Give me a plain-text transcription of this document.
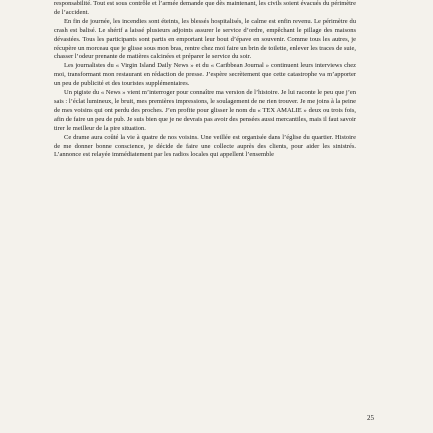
responsabilité. Tout est sous contrôle et l’armée demande que dès maintenant, les civils soient évacués du périmètre de l’accident.

En fin de journée, les incendies sont éteints, les blessés hospitalisés, le calme est enfin revenu. Le périmètre du crash est balisé. Le shérif a laissé plusieurs adjoints assurer le service d’ordre, empêchant le pillage des maisons dévastées. Tous les participants sont partis en emportant leur bout d’épave en souvenir. Comme tous les autres, je récupère un morceau que je glisse sous mon bras, rentre chez moi faire un brin de toilette, enlever les traces de suie, chasser l’odeur prenante de matières calcinées et préparer le service du soir.

Les journalistes du « Virgin Island Daily News » et du « Caribbean Journal » continuent leurs interviews chez moi, transformant mon restaurant en rédaction de presse. J’espère secrètement que cette catastrophe va m’apporter un peu de publicité et des touristes supplémentaires.

Un pigiste du « News » vient m’interroger pour connaître ma version de l’histoire. Je lui raconte le peu que j’en sais : l’éclat lumineux, le bruit, mes premières impressions, le soulagement de ne rien trouver. Je me joins à la peine de mes voisins qui ont perdu des proches. J’en profite pour glisser le nom du « TEX AMALIE » deux ou trois fois, afin de faire un peu de pub. Je suis bien que je ne devrais pas avoir des pensées aussi mercantiles, mais il faut savoir tirer le meilleur de la pire situation.

Ce drame aura coûté la vie à quatre de nos voisins. Une veillée est organisée dans l’église du quartier. Histoire de me donner bonne conscience, je décide de faire une collecte auprès des clients, pour aider les sinistrés. L’annonce est relayée immédiatement par les radios locales qui appellent l’ensemble

25
